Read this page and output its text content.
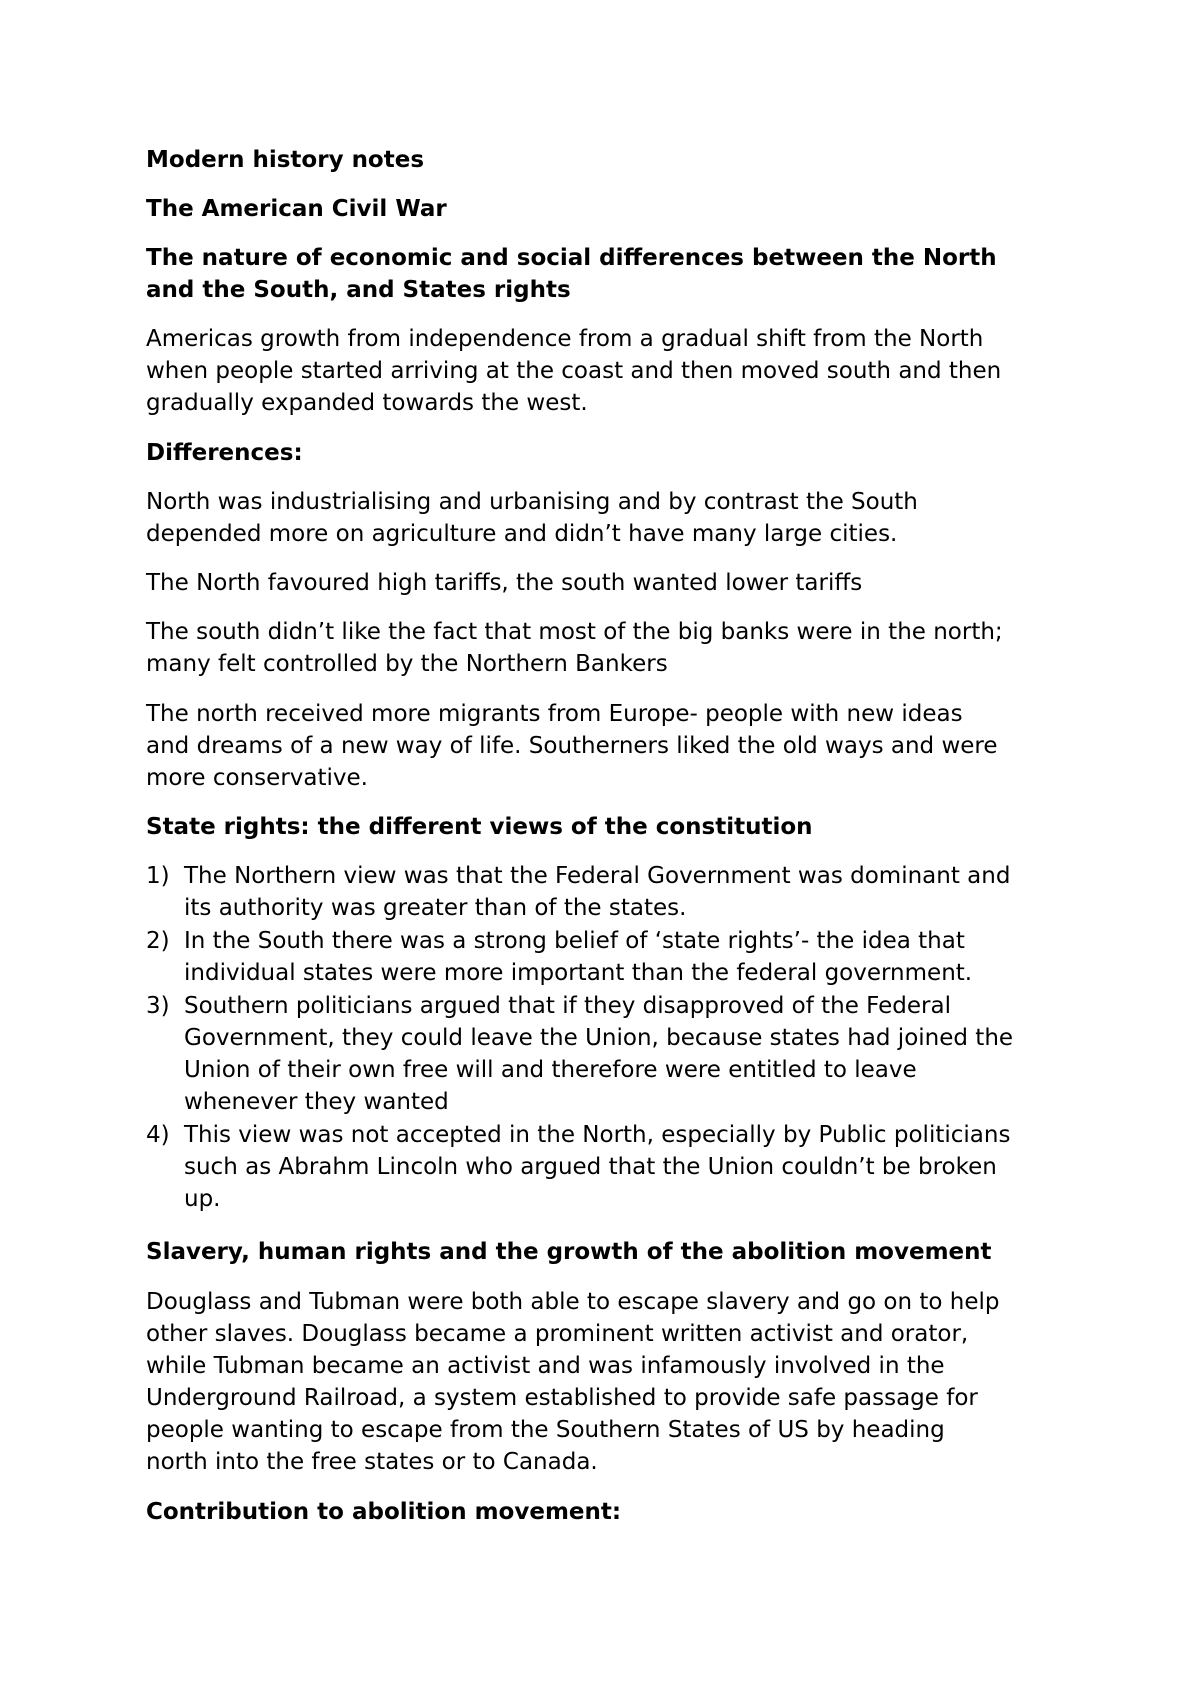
Modern history notes
The American Civil War
The nature of economic and social differences between the North
and the South, and States rights
Americas growth from independence from a gradual shift from the North
when people started arriving at the coast and then moved south and then
gradually expanded towards the west.
Differences:
North was industrialising and urbanising and by contrast the South
depended more on agriculture and didn’t have many large cities.
The North favoured high tariffs, the south wanted lower tariffs
The south didn’t like the fact that most of the big banks were in the north;
many felt controlled by the Northern Bankers
The north received more migrants from Europe- people with new ideas
and dreams of a new way of life. Southerners liked the old ways and were
more conservative.
State rights: the different views of the constitution
1) The Northern view was that the Federal Government was dominant and
its authority was greater than of the states.
2) In the South there was a strong belief of ‘state rights’- the idea that
individual states were more important than the federal government.
3) Southern politicians argued that if they disapproved of the Federal
Government, they could leave the Union, because states had joined the
Union of their own free will and therefore were entitled to leave
whenever they wanted
4) This view was not accepted in the North, especially by Public politicians
such as Abrahm Lincoln who argued that the Union couldn’t be broken
up.
Slavery, human rights and the growth of the abolition movement
Douglass and Tubman were both able to escape slavery and go on to help
other slaves. Douglass became a prominent written activist and orator,
while Tubman became an activist and was infamously involved in the
Underground Railroad, a system established to provide safe passage for
people wanting to escape from the Southern States of US by heading
north into the free states or to Canada.
Contribution to abolition movement:
